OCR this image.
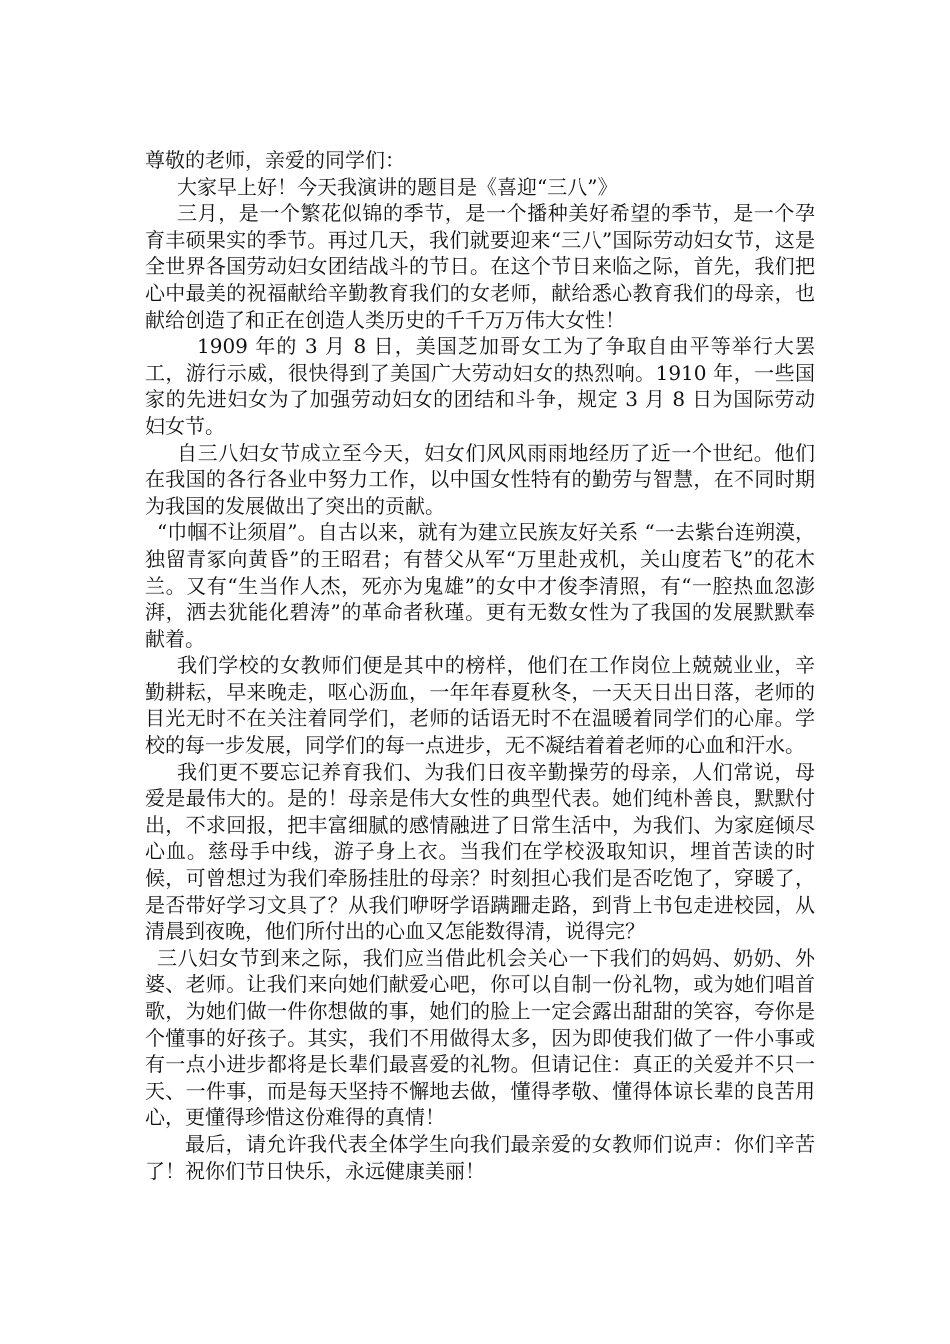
尊敬的老师，亲爱的同学们：

大家早上好！今天我演讲的题目是《喜迎“三八”》

三月，是一个繁花似锦的季节，是一个播种美好希望的季节，是一个孕育丰硕果实的季节。再过几天，我们就要迎来“三八”国际劳动妇女节，这是全世界各国劳动妇女团结战斗的节日。在这个节日来临之际，首先，我们把心中最美的祝福献给辛勤教育我们的女老师，献给悉心教育我们的母亲，也献给创造了和正在创造人类历史的千千万万伟大女性！

1909 年的 3 月 8 日，美国芝加哥女工为了争取自由平等举行大罢工，游行示威，很快得到了美国广大劳动妇女的热烈响。1910 年，一些国家的先进妇女为了加强劳动妇女的团结和斗争，规定 3 月 8 日为国际劳动妇女节。

自三八妇女节成立至今天，妇女们风风雨雨地经历了近一个世纪。他们在我国的各行各业中努力工作，以中国女性特有的勤劳与智慧，在不同时期为我国的发展做出了突出的贡献。

“巾帼不让须眉”。自古以来，就有为建立民族友好关系 “一去紫台连朔漠，独留青冢向黄昏”的王昭君；有替父从军“万里赴戎机，关山度若飞”的花木兰。又有“生当作人杰，死亦为鬼雄”的女中才俊李清照，有“一腔热血忽澎湃，洒去犹能化碧涛”的革命者秋瑾。更有无数女性为了我国的发展默默奉献着。

我们学校的女教师们便是其中的榜样，他们在工作岗位上兢兢业业，辛勤耕耘，早来晚走，呕心沥血，一年年春夏秋冬，一天天日出日落，老师的目光无时不在关注着同学们，老师的话语无时不在温暖着同学们的心扉。学校的每一步发展，同学们的每一点进步，无不凝结着着老师的心血和汗水。

我们更不要忘记养育我们、为我们日夜辛勤操劳的母亲，人们常说，母爱是最伟大的。是的！母亲是伟大女性的典型代表。她们纯朴善良，默默付出，不求回报，把丰富细腻的感情融进了日常生活中，为我们、为家庭倾尽心血。慈母手中线，游子身上衣。当我们在学校汲取知识，埋首苦读的时候，可曾想过为我们牵肠挂肚的母亲？时刻担心我们是否吃饱了，穿暖了，是否带好学习文具了？从我们咿呀学语蹒跚走路，到背上书包走进校园，从清晨到夜晚，他们所付出的心血又怎能数得清，说得完？

三八妇女节到来之际，我们应当借此机会关心一下我们的妈妈、奶奶、外婆、老师。让我们来向她们献爱心吧，你可以自制一份礼物，或为她们唱首歌，为她们做一件你想做的事，她们的脸上一定会露出甜甜的笑容，夸你是个懂事的好孩子。其实，我们不用做得太多，因为即使我们做了一件小事或有一点小进步都将是长辈们最喜爱的礼物。但请记住：真正的关爱并不只一天、一件事，而是每天坚持不懈地去做，懂得孝敬、懂得体谅长辈的良苦用心，更懂得珍惜这份难得的真情！

最后，请允许我代表全体学生向我们最亲爱的女教师们说声：你们辛苦了！祝你们节日快乐，永远健康美丽！
